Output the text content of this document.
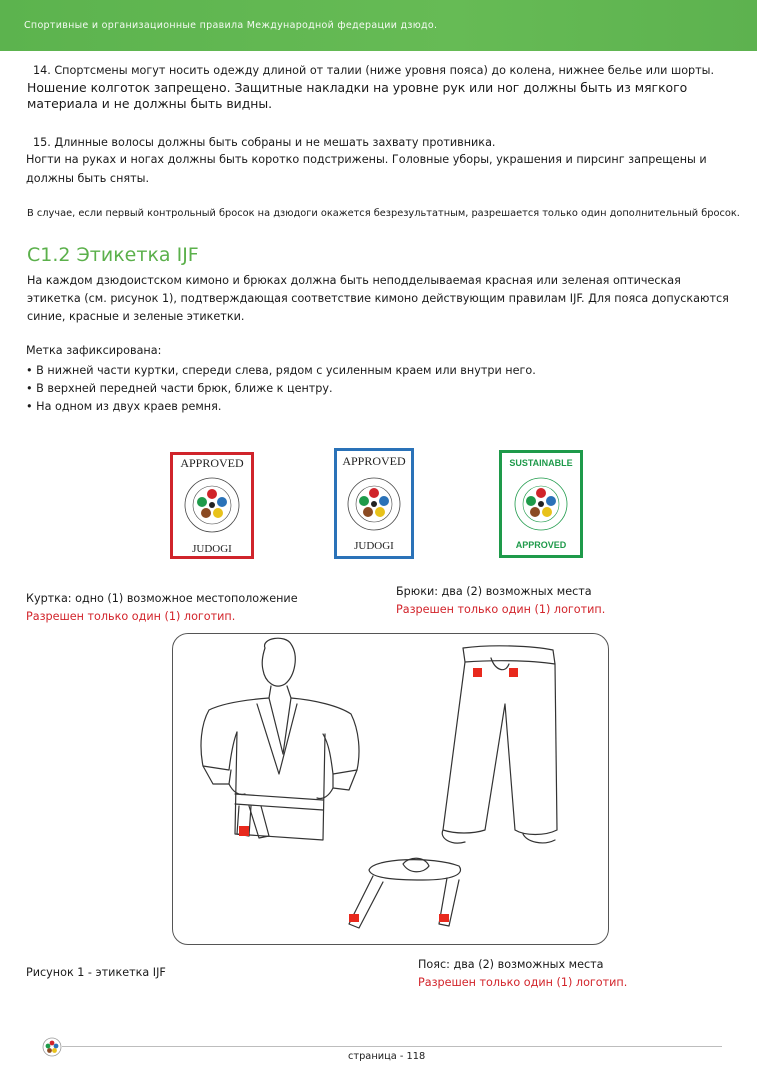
Спортивные и организационные правила Международной федерации дзюдо.
14. Спортсмены могут носить одежду длиной от талии (ниже уровня пояса) до колена, нижнее белье или шорты.
Ношение колготок запрещено. Защитные накладки на уровне рук или ног должны быть из мягкого
материала и не должны быть видны.
15. Длинные волосы должны быть собраны и не мешать захвату противника.
Ногти на руках и ногах должны быть коротко подстрижены. Головные уборы, украшения и пирсинг запрещены и
должны быть сняты.
В случае, если первый контрольный бросок на дзюдоги окажется безрезультатным, разрешается только один дополнительный бросок.
C1.2 Этикетка IJF
На каждом дзюдоистском кимоно и брюках должна быть неподделываемая красная или зеленая оптическая
этикетка (см. рисунок 1), подтверждающая соответствие кимоно действующим правилам IJF. Для пояса допускаются
синие, красные и зеленые этикетки.
Метка зафиксирована:
• В нижней части куртки, спереди слева, рядом с усиленным краем или внутри него.
• В верхней передней части брюк, ближе к центру.
• На одном из двух краев ремня.
APPROVED
JUDOGI
APPROVED
JUDOGI
SUSTAINABLE
APPROVED
Куртка: одно (1) возможное местоположение
Разрешен только один (1) логотип.
Брюки: два (2) возможных места
Разрешен только один (1) логотип.
Рисунок 1 - этикетка IJF
Пояс: два (2) возможных места
Разрешен только один (1) логотип.
страница - 118
